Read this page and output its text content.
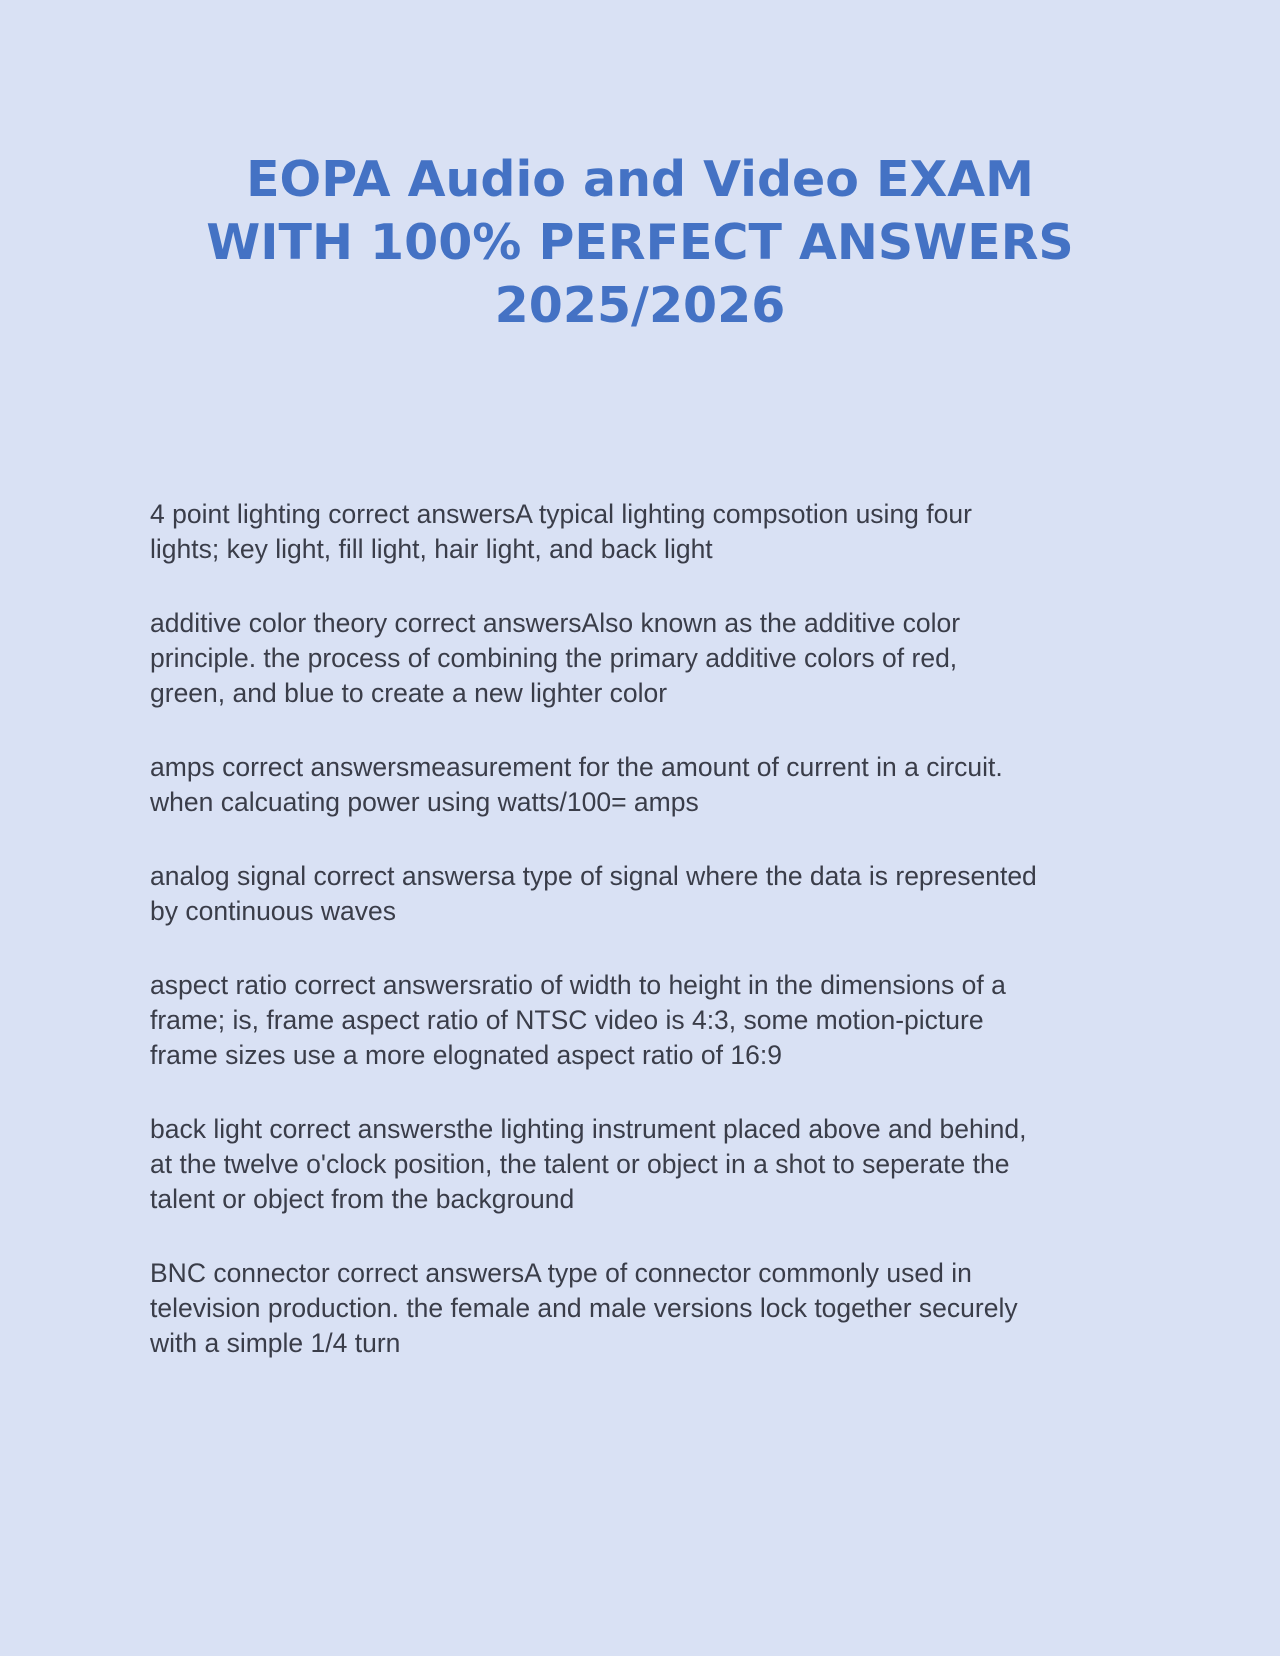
EOPA Audio and Video EXAM
WITH 100% PERFECT ANSWERS
2025/2026

4 point lighting correct answersA typical lighting compsotion using four
lights; key light, fill light, hair light, and back light

additive color theory correct answersAlso known as the additive color
principle. the process of combining the primary additive colors of red,
green, and blue to create a new lighter color

amps correct answersmeasurement for the amount of current in a circuit.
when calcuating power using watts/100= amps

analog signal correct answersa type of signal where the data is represented
by continuous waves

aspect ratio correct answersratio of width to height in the dimensions of a
frame; is, frame aspect ratio of NTSC video is 4:3, some motion-picture
frame sizes use a more elognated aspect ratio of 16:9

back light correct answersthe lighting instrument placed above and behind,
at the twelve o'clock position, the talent or object in a shot to seperate the
talent or object from the background

BNC connector correct answersA type of connector commonly used in
television production. the female and male versions lock together securely
with a simple 1/4 turn
